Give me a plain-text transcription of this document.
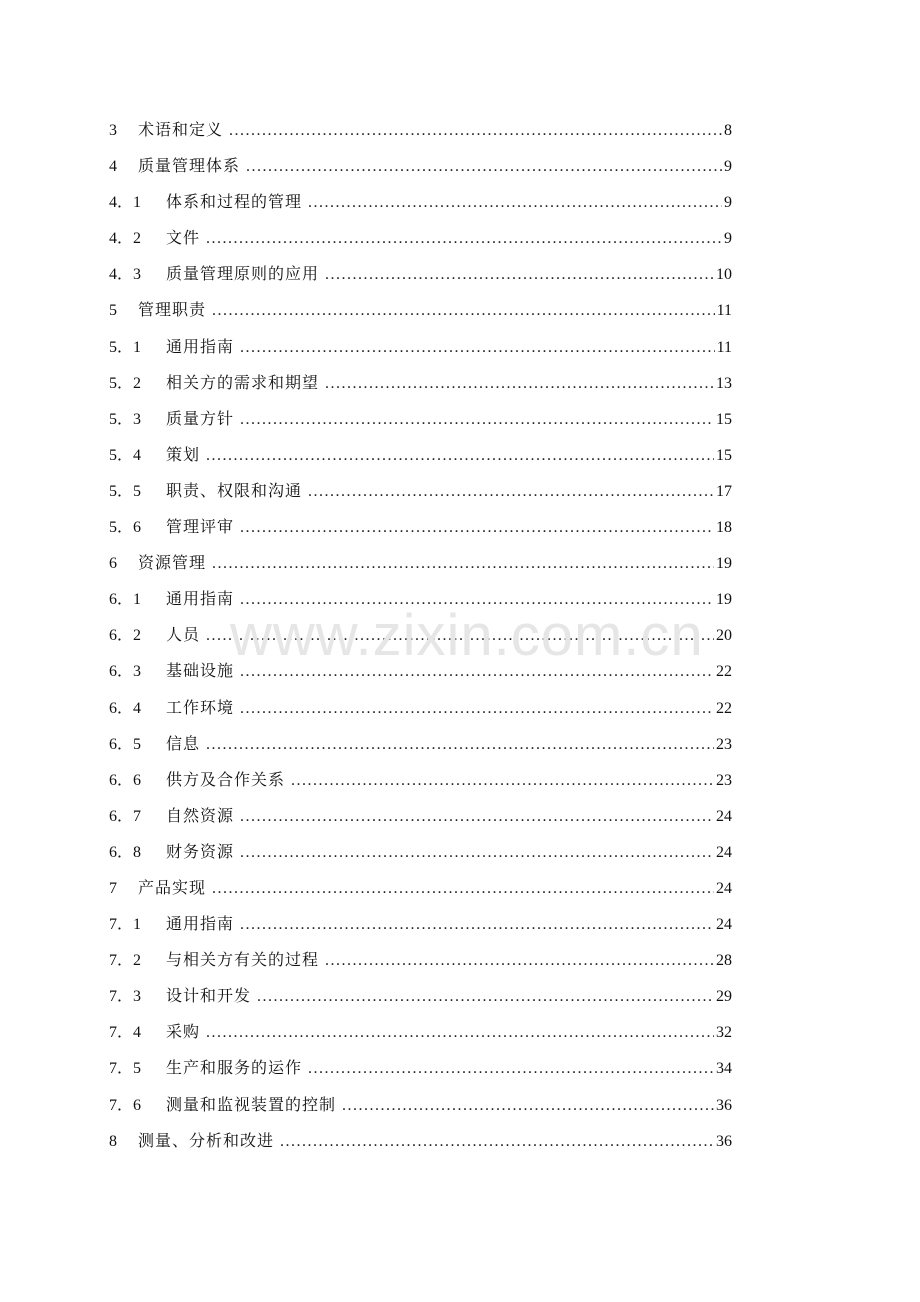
3	术语和定义 .....	8
4	质量管理体系 .....	9
4．1	体系和过程的管理 .....	9
4．2	文件 .....	9
4．3	质量管理原则的应用 .....	10
5	管理职责 .....	11
5．1	通用指南 .....	11
5．2	相关方的需求和期望 .....	13
5．3	质量方针 .....	15
5．4	策划 .....	15
5．5	职责、权限和沟通 .....	17
5．6	管理评审 .....	18
6	资源管理 .....	19
6．1	通用指南 .....	19
6．2	人员 .....	20
6．3	基础设施 .....	22
6．4	工作环境 .....	22
6．5	信息 .....	23
6．6	供方及合作关系 .....	23
6．7	自然资源 .....	24
6．8	财务资源 .....	24
7	产品实现 .....	24
7．1	通用指南 .....	24
7．2	与相关方有关的过程 .....	28
7．3	设计和开发 .....	29
7．4	采购 .....	32
7．5	生产和服务的运作 .....	34
7．6	测量和监视装置的控制 .....	36
8	测量、分析和改进 .....	36
www.zixin.com.cn
